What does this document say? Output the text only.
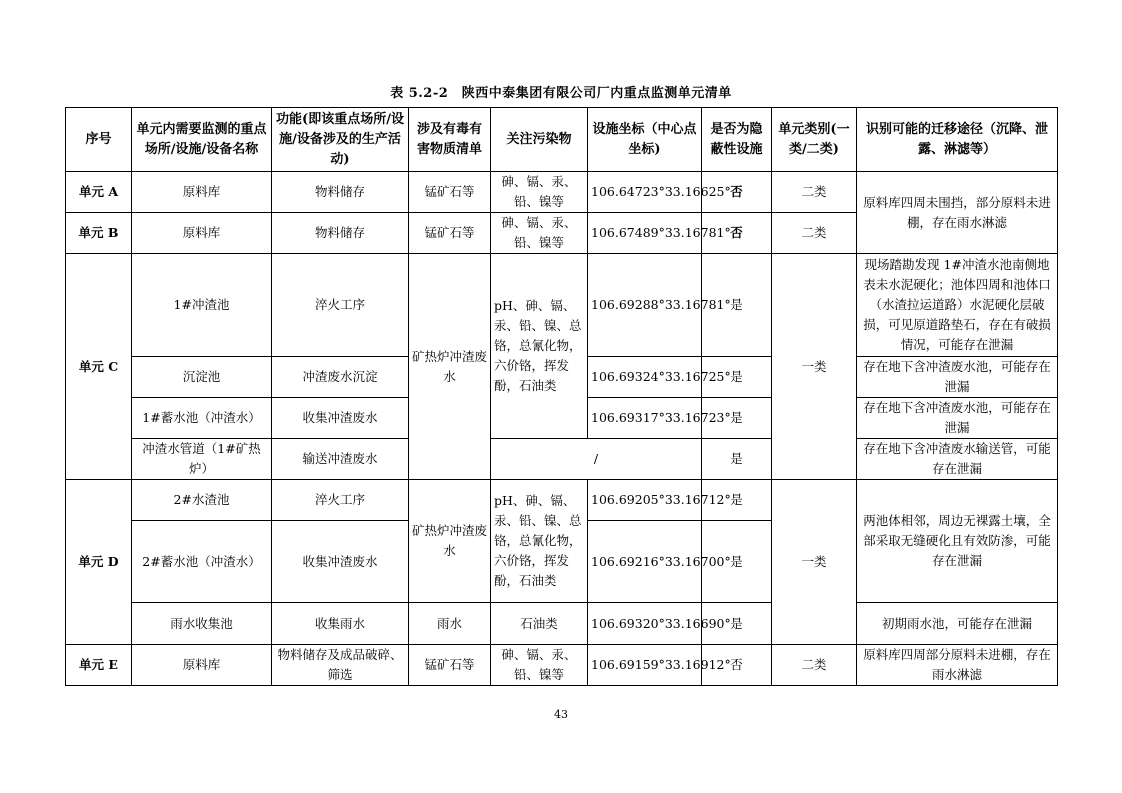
表 5.2-2　陕西中泰集团有限公司厂内重点监测单元清单
序号	单元内需要监测的重点场所/设施/设备名称	功能(即该重点场所/设施/设备涉及的生产活动)	涉及有毒有害物质清单	关注污染物	设施坐标（中心点坐标)	是否为隐蔽性设施	单元类别(一类/二类)	识别可能的迁移途径（沉降、泄露、淋滤等）
单元 A	原料库	物料储存	锰矿石等	砷、镉、汞、铅、镍等	106.64723°33.16625°	否	二类	原料库四周未围挡，部分原料未进棚，存在雨水淋滤
单元 B	原料库	物料储存	锰矿石等	砷、镉、汞、铅、镍等	106.67489°33.16781°	否	二类	
单元 C	1#冲渣池	淬火工序	矿热炉冲渣废水	pH、砷、镉、汞、铅、镍、总铬，总氰化物，六价铬，挥发酚，石油类	106.69288°33.16781°	是	一类	现场踏勘发现 1#冲渣水池南侧地表未水泥硬化；池体四周和池体口（水渣拉运道路）水泥硬化层破损，可见原道路垫石，存在有破损情况，可能存在泄漏
	沉淀池	冲渣废水沉淀			106.69324°33.16725°	是		存在地下含冲渣废水池，可能存在泄漏
	1#蓄水池（冲渣水）	收集冲渣废水			106.69317°33.16723°	是		存在地下含冲渣废水池，可能存在泄漏
	冲渣水管道（1#矿热炉）	输送冲渣废水		/		是		存在地下含冲渣废水输送管，可能存在泄漏
单元 D	2#水渣池	淬火工序	矿热炉冲渣废水	pH、砷、镉、汞、铅、镍、总铬，总氰化物，六价铬，挥发酚，石油类	106.69205°33.16712°	是	一类	两池体相邻，周边无裸露土壤，全部采取无缝硬化且有效防渗，可能存在泄漏
	2#蓄水池（冲渣水）	收集冲渣废水			106.69216°33.16700°	是		
	雨水收集池	收集雨水	雨水	石油类	106.69320°33.16690°	是		初期雨水池，可能存在泄漏
单元 E	原料库	物料储存及成品破碎、筛选	锰矿石等	砷、镉、汞、铅、镍等	106.69159°33.16912°	否	二类	原料库四周部分原料未进棚，存在雨水淋滤
43
